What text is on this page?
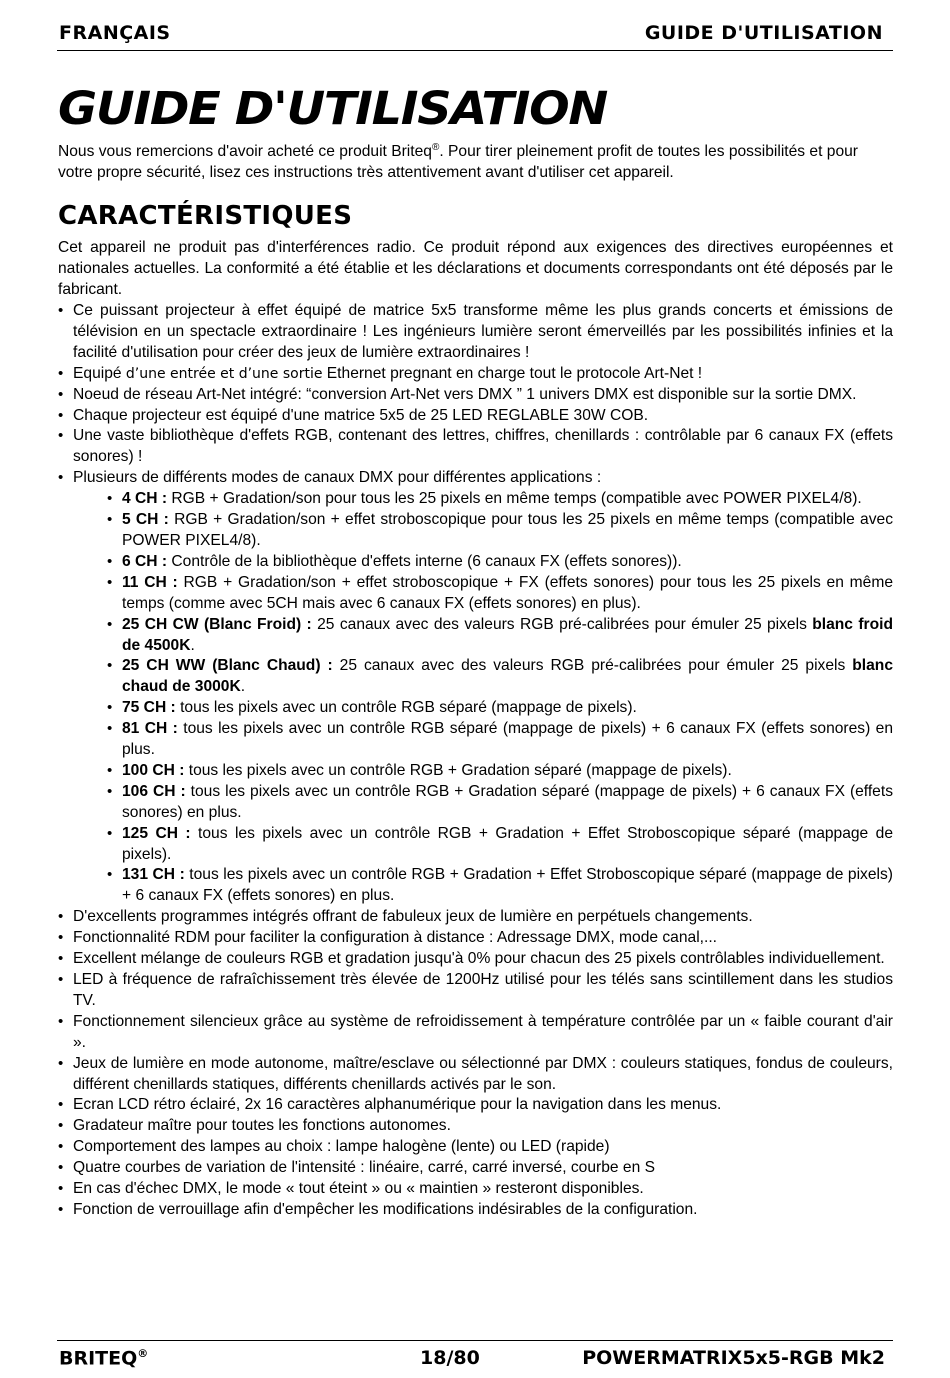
FRANÇAIS	GUIDE D'UTILISATION
GUIDE D'UTILISATION

Nous vous remercions d'avoir acheté ce produit Briteq®. Pour tirer pleinement profit de toutes les possibilités et pour votre propre sécurité, lisez ces instructions très attentivement avant d'utiliser cet appareil.

CARACTÉRISTIQUES

Cet appareil ne produit pas d'interférences radio. Ce produit répond aux exigences des directives européennes et nationales actuelles. La conformité a été établie et les déclarations et documents correspondants ont été déposés par le fabricant.

• Ce puissant projecteur à effet équipé de matrice 5x5 transforme même les plus grands concerts et émissions de télévision en un spectacle extraordinaire ! Les ingénieurs lumière seront émerveillés par les possibilités infinies et la facilité d'utilisation pour créer des jeux de lumière extraordinaires !
• Equipé d’une entrée et d’une sortie Ethernet pregnant en charge tout le protocole Art-Net !
• Noeud de réseau Art-Net intégré: “conversion Art-Net vers DMX ” 1 univers DMX est disponible sur la sortie DMX.
• Chaque projecteur est équipé d'une matrice 5x5 de 25 LED REGLABLE 30W COB.
• Une vaste bibliothèque d'effets RGB, contenant des lettres, chiffres, chenillards : contrôlable par 6 canaux FX (effets sonores) !
• Plusieurs de différents modes de canaux DMX pour différentes applications :
• 4 CH : RGB + Gradation/son pour tous les 25 pixels en même temps (compatible avec POWER PIXEL4/8).
• 5 CH : RGB + Gradation/son + effet stroboscopique pour tous les 25 pixels en même temps (compatible avec POWER PIXEL4/8).
• 6 CH : Contrôle de la bibliothèque d'effets interne (6 canaux FX (effets sonores)).
• 11 CH : RGB + Gradation/son + effet stroboscopique + FX (effets sonores) pour tous les 25 pixels en même temps (comme avec 5CH mais avec 6 canaux FX (effets sonores) en plus).
• 25 CH CW (Blanc Froid) : 25 canaux avec des valeurs RGB pré-calibrées pour émuler 25 pixels blanc froid de 4500K.
• 25 CH WW (Blanc Chaud) : 25 canaux avec des valeurs RGB pré-calibrées pour émuler 25 pixels blanc chaud de 3000K.
• 75 CH : tous les pixels avec un contrôle RGB séparé (mappage de pixels).
• 81 CH : tous les pixels avec un contrôle RGB séparé (mappage de pixels) + 6 canaux FX (effets sonores) en plus.
• 100 CH : tous les pixels avec un contrôle RGB + Gradation séparé (mappage de pixels).
• 106 CH : tous les pixels avec un contrôle RGB + Gradation séparé (mappage de pixels) + 6 canaux FX (effets sonores) en plus.
• 125 CH : tous les pixels avec un contrôle RGB + Gradation + Effet Stroboscopique séparé (mappage de pixels).
• 131 CH : tous les pixels avec un contrôle RGB + Gradation + Effet Stroboscopique séparé (mappage de pixels) + 6 canaux FX (effets sonores) en plus.
• D'excellents programmes intégrés offrant de fabuleux jeux de lumière en perpétuels changements.
• Fonctionnalité RDM pour faciliter la configuration à distance : Adressage DMX, mode canal,...
• Excellent mélange de couleurs RGB et gradation jusqu'à 0% pour chacun des 25 pixels contrôlables individuellement.
• LED à fréquence de rafraîchissement très élevée de 1200Hz utilisé pour les télés sans scintillement dans les studios TV.
• Fonctionnement silencieux grâce au système de refroidissement à température contrôlée par un « faible courant d'air ».
• Jeux de lumière en mode autonome, maître/esclave ou sélectionné par DMX : couleurs statiques, fondus de couleurs, différent chenillards statiques, différents chenillards activés par le son.
• Ecran LCD rétro éclairé, 2x 16 caractères alphanumérique pour la navigation dans les menus.
• Gradateur maître pour toutes les fonctions autonomes.
• Comportement des lampes au choix : lampe halogène (lente) ou LED (rapide)
• Quatre courbes de variation de l'intensité : linéaire, carré, carré inversé, courbe en S
• En cas d'échec DMX, le mode « tout éteint » ou « maintien » resteront disponibles.
• Fonction de verrouillage afin d'empêcher les modifications indésirables de la configuration.
BRITEQ®	18/80	POWERMATRIX5x5-RGB Mk2
